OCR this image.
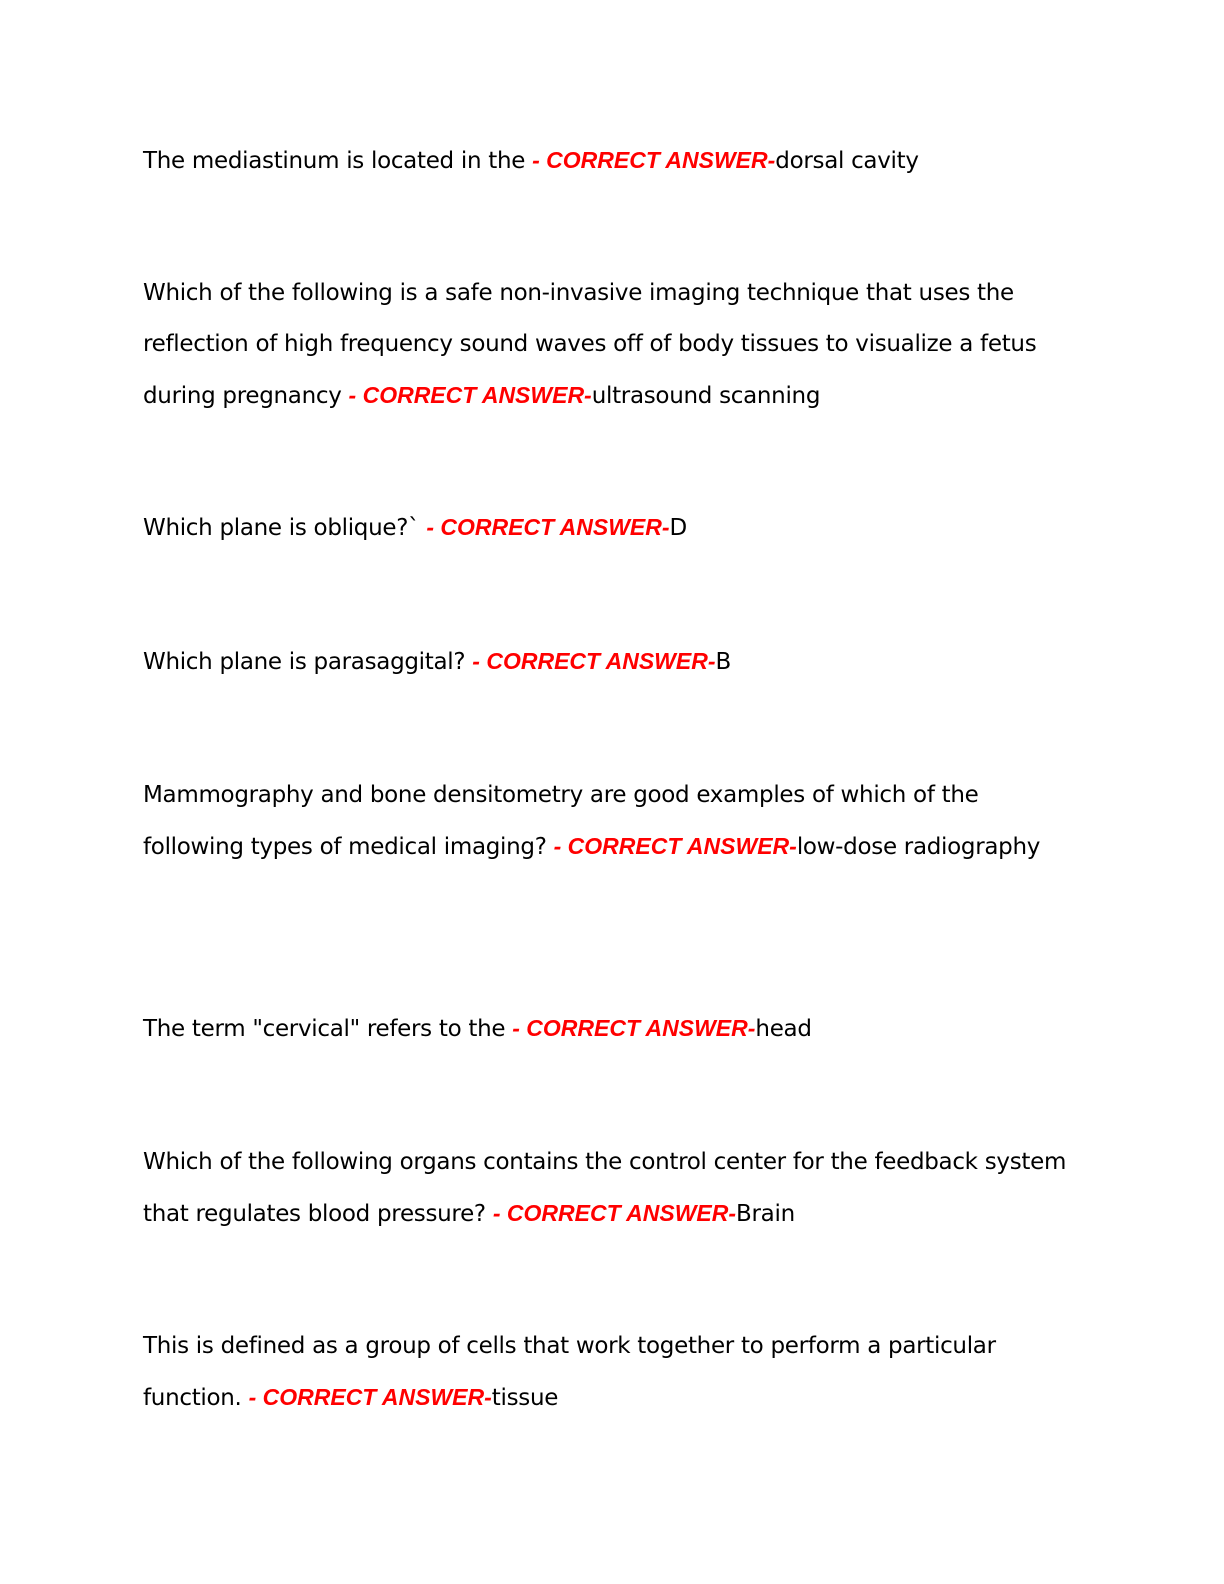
The mediastinum is located in the - CORRECT ANSWER-dorsal cavity

Which of the following is a safe non-invasive imaging technique that uses the reflection of high frequency sound waves off of body tissues to visualize a fetus during pregnancy - CORRECT ANSWER-ultrasound scanning

Which plane is oblique?` - CORRECT ANSWER-D

Which plane is parasaggital? - CORRECT ANSWER-B

Mammography and bone densitometry are good examples of which of the following types of medical imaging? - CORRECT ANSWER-low-dose radiography

The term "cervical" refers to the - CORRECT ANSWER-head

Which of the following organs contains the control center for the feedback system that regulates blood pressure? - CORRECT ANSWER-Brain

This is defined as a group of cells that work together to perform a particular function. - CORRECT ANSWER-tissue
